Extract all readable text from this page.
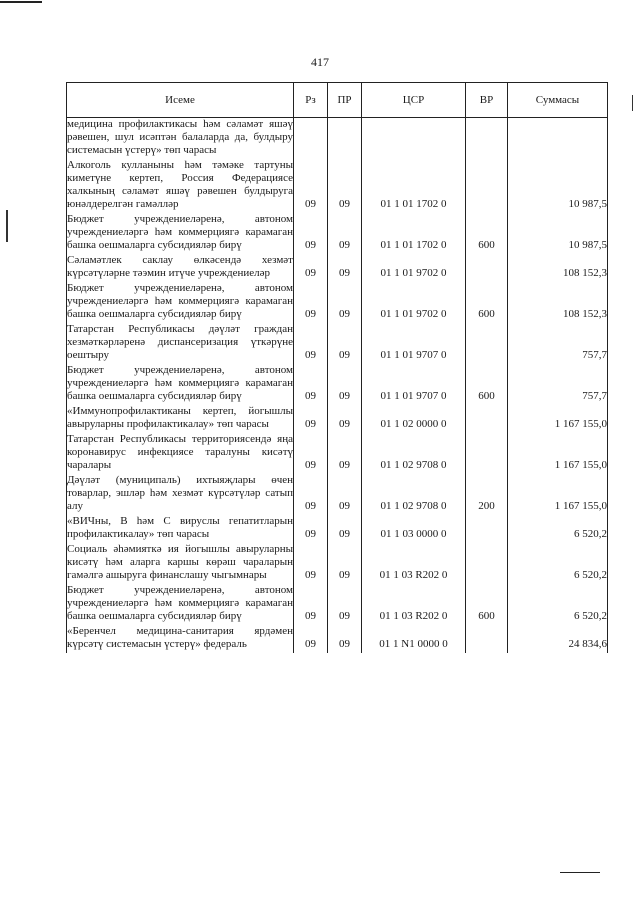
417
Исеме	Рз	ПР	ЦСР	ВР	Суммасы
медицина профилактикасы һәм сәламәт яшәү рәвешен, шул исәптән балаларда да, булдыру системасын үстерү» төп чарасы					
Алкоголь кулланыны һәм тәмәке тартуны киметүне кертеп, Россия Федерациясе халкының сәламәт яшәү рәвешен булдыруга юнәлдерелгән гамәлләр	09	09	01 1 01 1702 0		10 987,5
Бюджет учреждениеләренә, автоном учреждениеләргә һәм коммерциягә карамаган башка оешмаларга субсидияләр бирү	09	09	01 1 01 1702 0	600	10 987,5
Сәламәтлек саклау өлкәсендә хезмәт күрсәтүләрне тәэмин итүче учреждениеләр	09	09	01 1 01 9702 0		108 152,3
Бюджет учреждениеләренә, автоном учреждениеләргә һәм коммерциягә карамаган башка оешмаларга субсидияләр бирү	09	09	01 1 01 9702 0	600	108 152,3
Татарстан Республикасы дәүләт граждан хезмәткәрләренә диспансеризация үткәрүне оештыру	09	09	01 1 01 9707 0		757,7
Бюджет учреждениеләренә, автоном учреждениеләргә һәм коммерциягә карамаган башка оешмаларга субсидияләр бирү	09	09	01 1 01 9707 0	600	757,7
«Иммунопрофилактиканы кертеп, йогышлы авыруларны профилактикалау» төп чарасы	09	09	01 1 02 0000 0		1 167 155,0
Татарстан Республикасы территориясендә яңа коронавирус инфекциясе таралуны кисәтү чаралары	09	09	01 1 02 9708 0		1 167 155,0
Дәүләт (муниципаль) ихтыяҗлары өчен товарлар, эшләр һәм хезмәт күрсәтүләр сатып алу	09	09	01 1 02 9708 0	200	1 167 155,0
«ВИЧны, В һәм С вируслы гепатитларын профилактикалау» төп чарасы	09	09	01 1 03 0000 0		6 520,2
Социаль әһәмияткә ия йогышлы авыруларны кисәтү һәм аларга каршы көрәш чараларын гамәлгә ашыруга финанслашу чыгымнары	09	09	01 1 03 R202 0		6 520,2
Бюджет учреждениеләренә, автоном учреждениеләргә һәм коммерциягә карамаган башка оешмаларга субсидияләр бирү	09	09	01 1 03 R202 0	600	6 520,2
«Беренчел медицина-санитария ярдәмен күрсәтү системасын үстерү» федераль	09	09	01 1 N1 0000 0		24 834,6
